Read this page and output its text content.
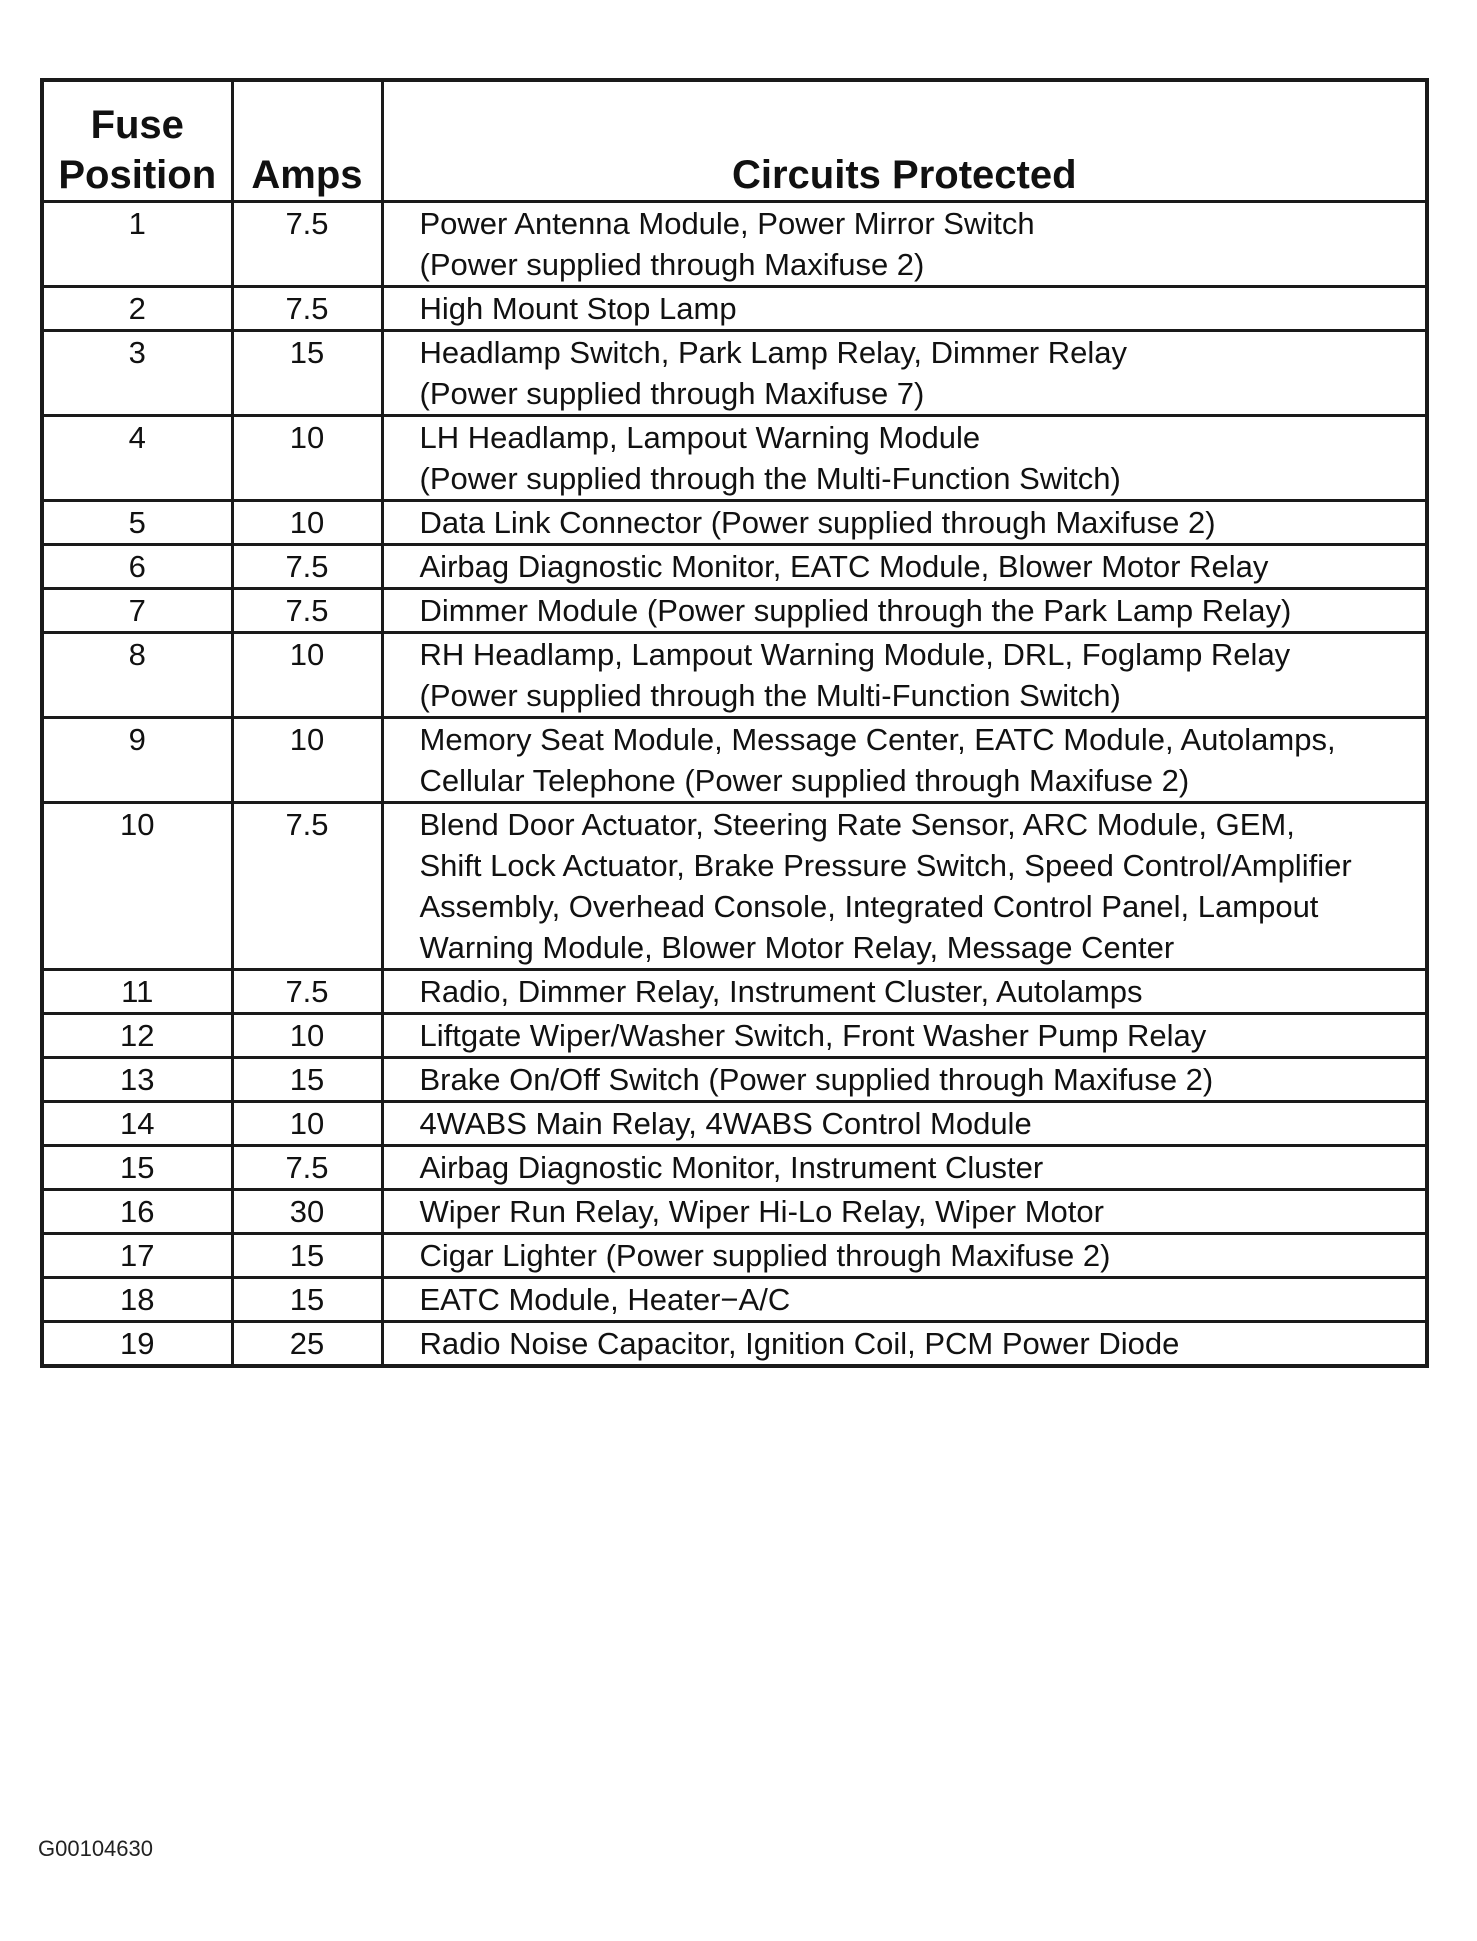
Fuse
Position	Amps	Circuits Protected
1	7.5	Power Antenna Module, Power Mirror Switch
(Power supplied through Maxifuse 2)
2	7.5	High Mount Stop Lamp
3	15	Headlamp Switch, Park Lamp Relay, Dimmer Relay
(Power supplied through Maxifuse 7)
4	10	LH Headlamp, Lampout Warning Module
(Power supplied through the Multi-Function Switch)
5	10	Data Link Connector (Power supplied through Maxifuse 2)
6	7.5	Airbag Diagnostic Monitor, EATC Module, Blower Motor Relay
7	7.5	Dimmer Module (Power supplied through the Park Lamp Relay)
8	10	RH Headlamp, Lampout Warning Module, DRL, Foglamp Relay
(Power supplied through the Multi-Function Switch)
9	10	Memory Seat Module, Message Center, EATC Module, Autolamps,
Cellular Telephone (Power supplied through Maxifuse 2)
10	7.5	Blend Door Actuator, Steering Rate Sensor, ARC Module, GEM,
Shift Lock Actuator, Brake Pressure Switch, Speed Control/Amplifier
Assembly, Overhead Console, Integrated Control Panel, Lampout
Warning Module, Blower Motor Relay, Message Center
11	7.5	Radio, Dimmer Relay, Instrument Cluster, Autolamps
12	10	Liftgate Wiper/Washer Switch, Front Washer Pump Relay
13	15	Brake On/Off Switch (Power supplied through Maxifuse 2)
14	10	4WABS Main Relay, 4WABS Control Module
15	7.5	Airbag Diagnostic Monitor, Instrument Cluster
16	30	Wiper Run Relay, Wiper Hi-Lo Relay, Wiper Motor
17	15	Cigar Lighter (Power supplied through Maxifuse 2)
18	15	EATC Module, Heater−A/C
19	25	Radio Noise Capacitor, Ignition Coil, PCM Power Diode
G00104630
